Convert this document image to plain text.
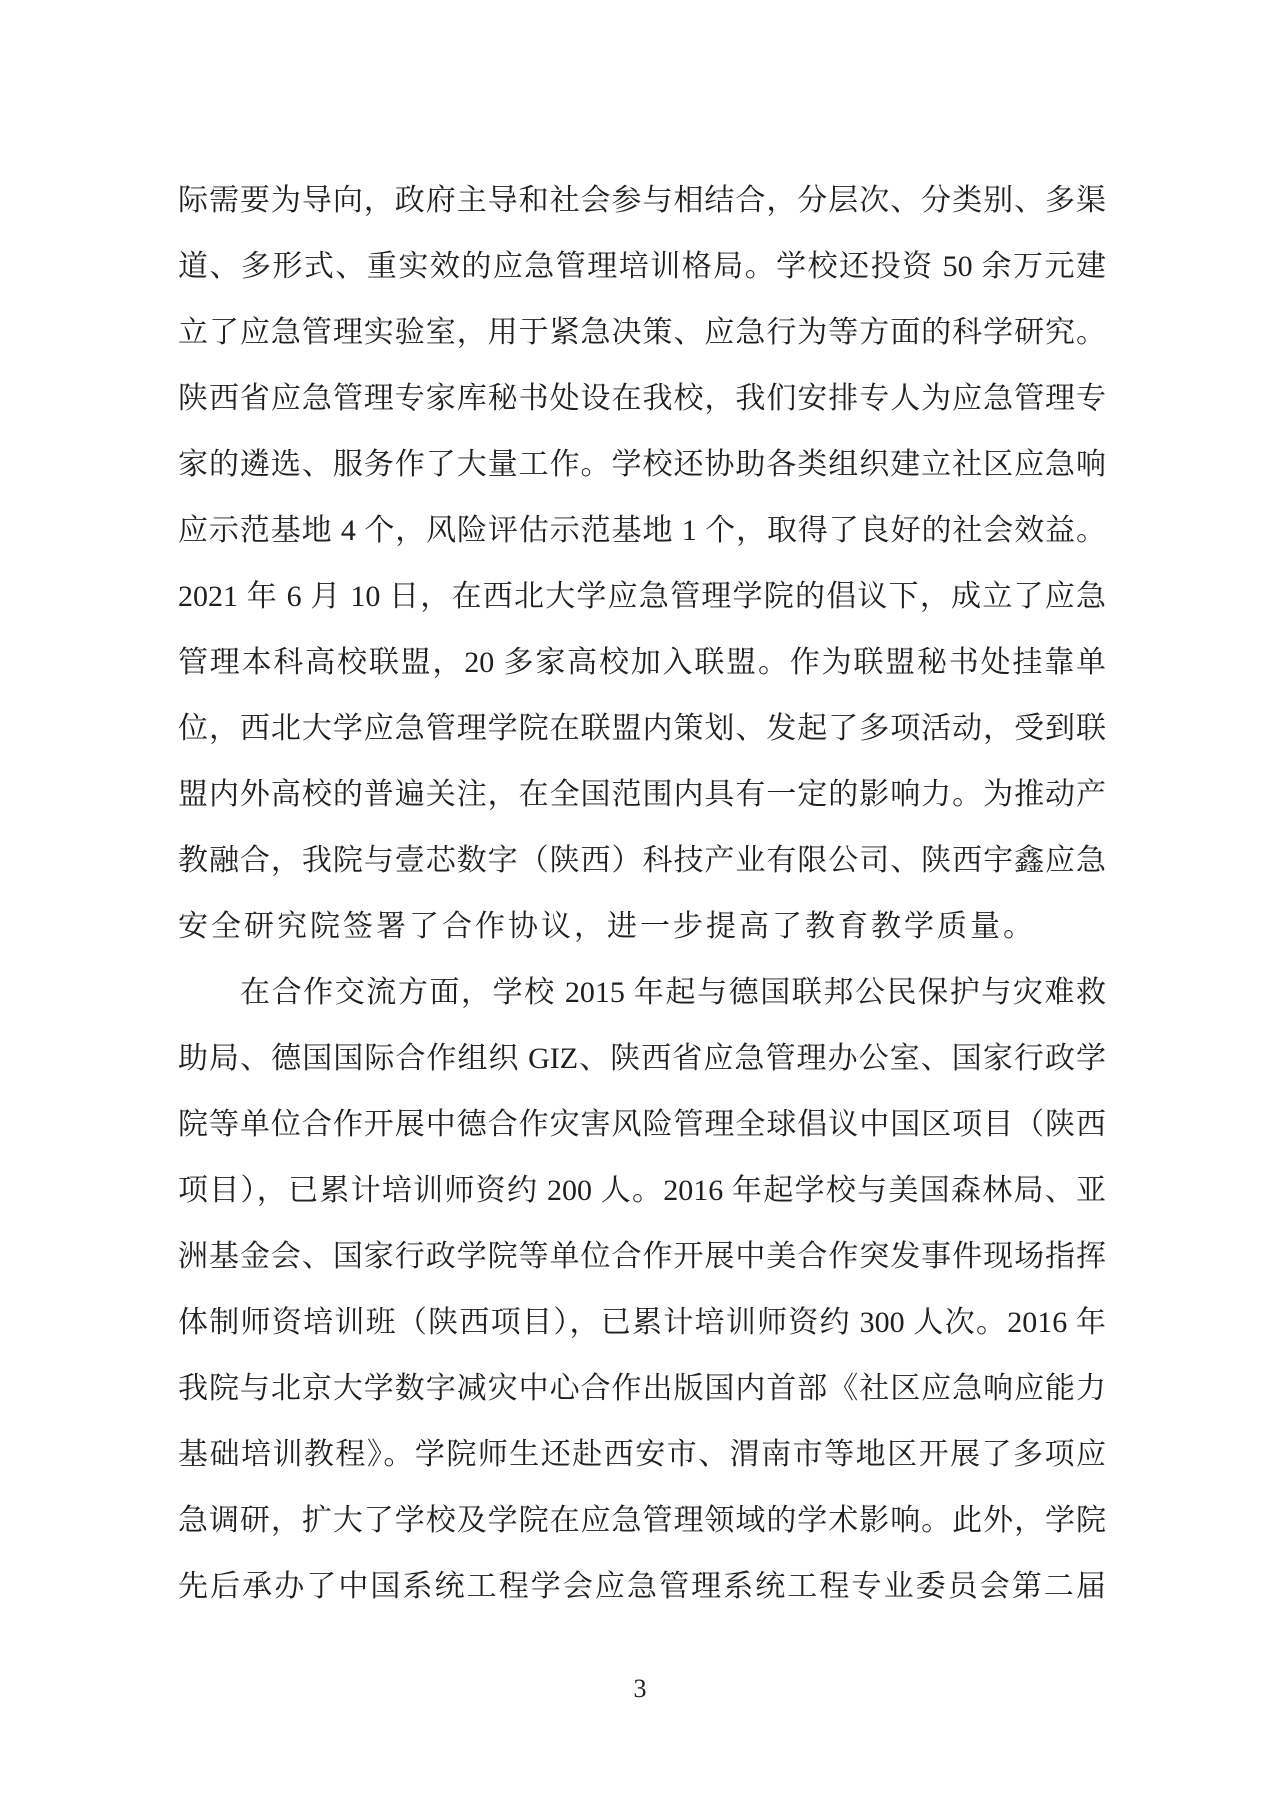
际需要为导向，政府主导和社会参与相结合，分层次、分类别、多渠
道、多形式、重实效的应急管理培训格局。学校还投资 50 余万元建
立了应急管理实验室，用于紧急决策、应急行为等方面的科学研究。
陕西省应急管理专家库秘书处设在我校，我们安排专人为应急管理专
家的遴选、服务作了大量工作。学校还协助各类组织建立社区应急响
应示范基地 4 个，风险评估示范基地 1 个，取得了良好的社会效益。
2021 年 6 月 10 日，在西北大学应急管理学院的倡议下，成立了应急
管理本科高校联盟，20 多家高校加入联盟。作为联盟秘书处挂靠单
位，西北大学应急管理学院在联盟内策划、发起了多项活动，受到联
盟内外高校的普遍关注，在全国范围内具有一定的影响力。为推动产
教融合，我院与壹芯数字（陕西）科技产业有限公司、陕西宇鑫应急
安全研究院签署了合作协议，进一步提高了教育教学质量。
在合作交流方面，学校 2015 年起与德国联邦公民保护与灾难救
助局、德国国际合作组织 GIZ、陕西省应急管理办公室、国家行政学
院等单位合作开展中德合作灾害风险管理全球倡议中国区项目（陕西
项目），已累计培训师资约 200 人。2016 年起学校与美国森林局、亚
洲基金会、国家行政学院等单位合作开展中美合作突发事件现场指挥
体制师资培训班（陕西项目），已累计培训师资约 300 人次。2016 年
我院与北京大学数字减灾中心合作出版国内首部《社区应急响应能力
基础培训教程》。学院师生还赴西安市、渭南市等地区开展了多项应
急调研，扩大了学校及学院在应急管理领域的学术影响。此外，学院
先后承办了中国系统工程学会应急管理系统工程专业委员会第二届
3
